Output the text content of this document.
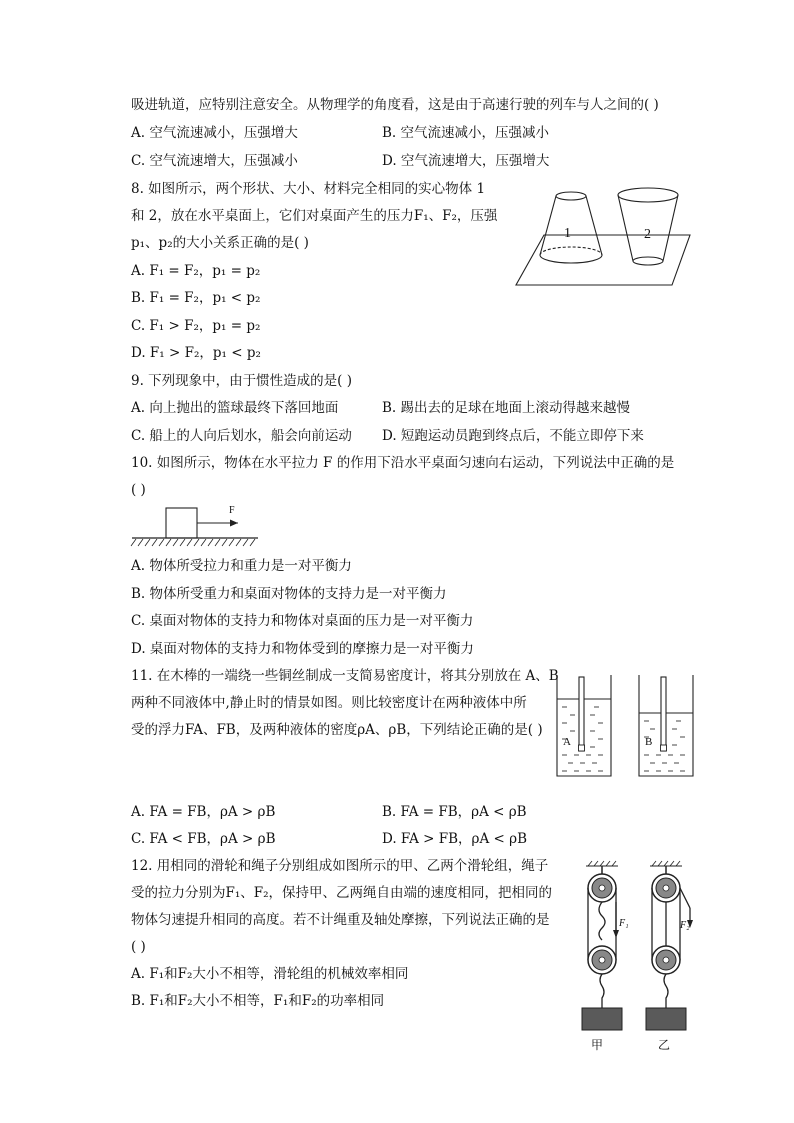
吸进轨道，应特别注意安全。从物理学的角度看，这是由于高速行驶的列车与人之间的( )
A. 空气流速减小，压强增大	B. 空气流速减小，压强减小
C. 空气流速增大，压强减小	D. 空气流速增大，压强增大
8. 如图所示，两个形状、大小、材料完全相同的实心物体 1
和 2，放在水平桌面上，它们对桌面产生的压力F₁、F₂，压强
p₁、p₂的大小关系正确的是( )
A. F₁ = F₂，p₁ = p₂
B. F₁ = F₂，p₁ < p₂
C. F₁ > F₂，p₁ = p₂
D. F₁ > F₂，p₁ < p₂
1	2
9. 下列现象中，由于惯性造成的是( )
A. 向上抛出的篮球最终下落回地面	B. 踢出去的足球在地面上滚动得越来越慢
C. 船上的人向后划水，船会向前运动 D. 短跑运动员跑到终点后，不能立即停下来
10. 如图所示，物体在水平拉力 F 的作用下沿水平桌面匀速向右运动，下列说法中正确的是
( )
F
A. 物体所受拉力和重力是一对平衡力
B. 物体所受重力和桌面对物体的支持力是一对平衡力
C. 桌面对物体的支持力和物体对桌面的压力是一对平衡力
D. 桌面对物体的支持力和物体受到的摩擦力是一对平衡力
11. 在木棒的一端绕一些铜丝制成一支简易密度计，将其分别放在 A、B
两种不同液体中,静止时的情景如图。则比较密度计在两种液体中所
受的浮力FA、FB，及两种液体的密度ρA、ρB，下列结论正确的是( )
A	B
A. FA = FB，ρA > ρB	B. FA = FB，ρA < ρB
C. FA < FB，ρA > ρB	D. FA > FB，ρA < ρB
12. 用相同的滑轮和绳子分别组成如图所示的甲、乙两个滑轮组，绳子
受的拉力分别为F₁、F₂，保持甲、乙两绳自由端的速度相同，把相同的
物体匀速提升相同的高度。若不计绳重及轴处摩擦，下列说法正确的是
( )
A. F₁和F₂大小不相等，滑轮组的机械效率相同
B. F₁和F₂大小不相等，F₁和F₂的功率相同
F₁	F₂
甲	乙
